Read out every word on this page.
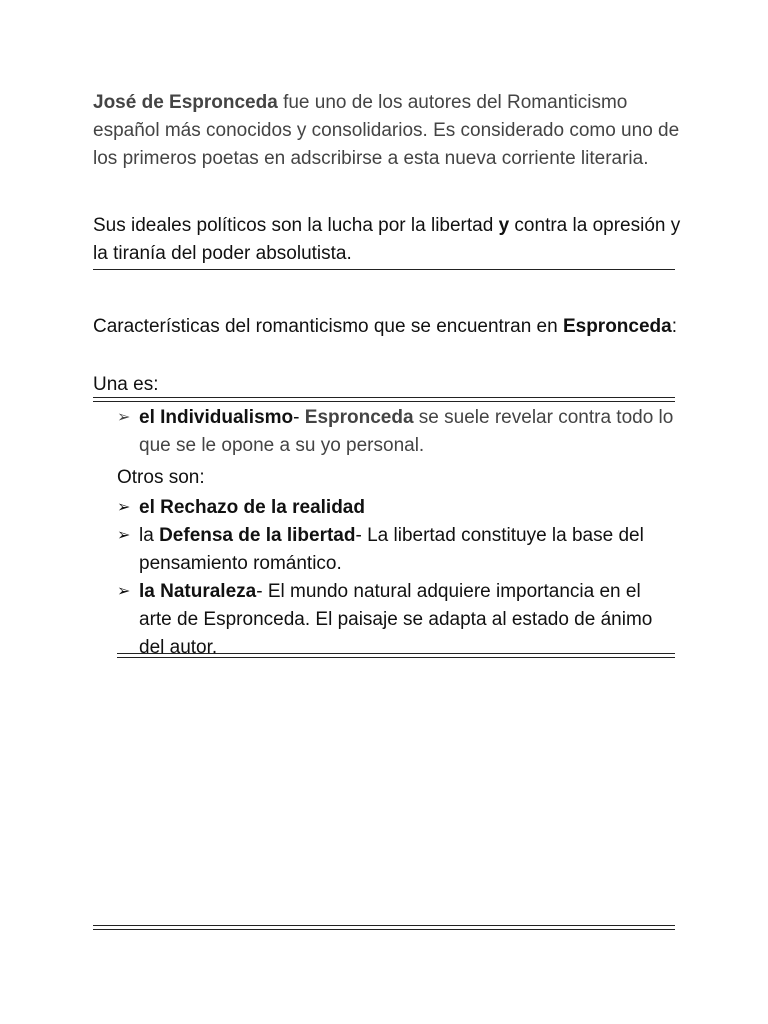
José de Espronceda fue uno de los autores del Romanticismo español más conocidos y consolidarios. Es considerado como uno de los primeros poetas en adscribirse a esta nueva corriente literaria.
Sus ideales políticos son la lucha por la libertad y contra la opresión y la tiranía del poder absolutista.
Características del romanticismo que se encuentran en Espronceda:
Una es:
➢ el Individualismo- Espronceda se suele revelar contra todo lo que se le opone a su yo personal.
Otros son:
➢ el Rechazo de la realidad
➢ la Defensa de la libertad- La libertad constituye la base del pensamiento romántico.
➢ la Naturaleza- El mundo natural adquiere importancia en el arte de Espronceda. El paisaje se adapta al estado de ánimo del autor.
